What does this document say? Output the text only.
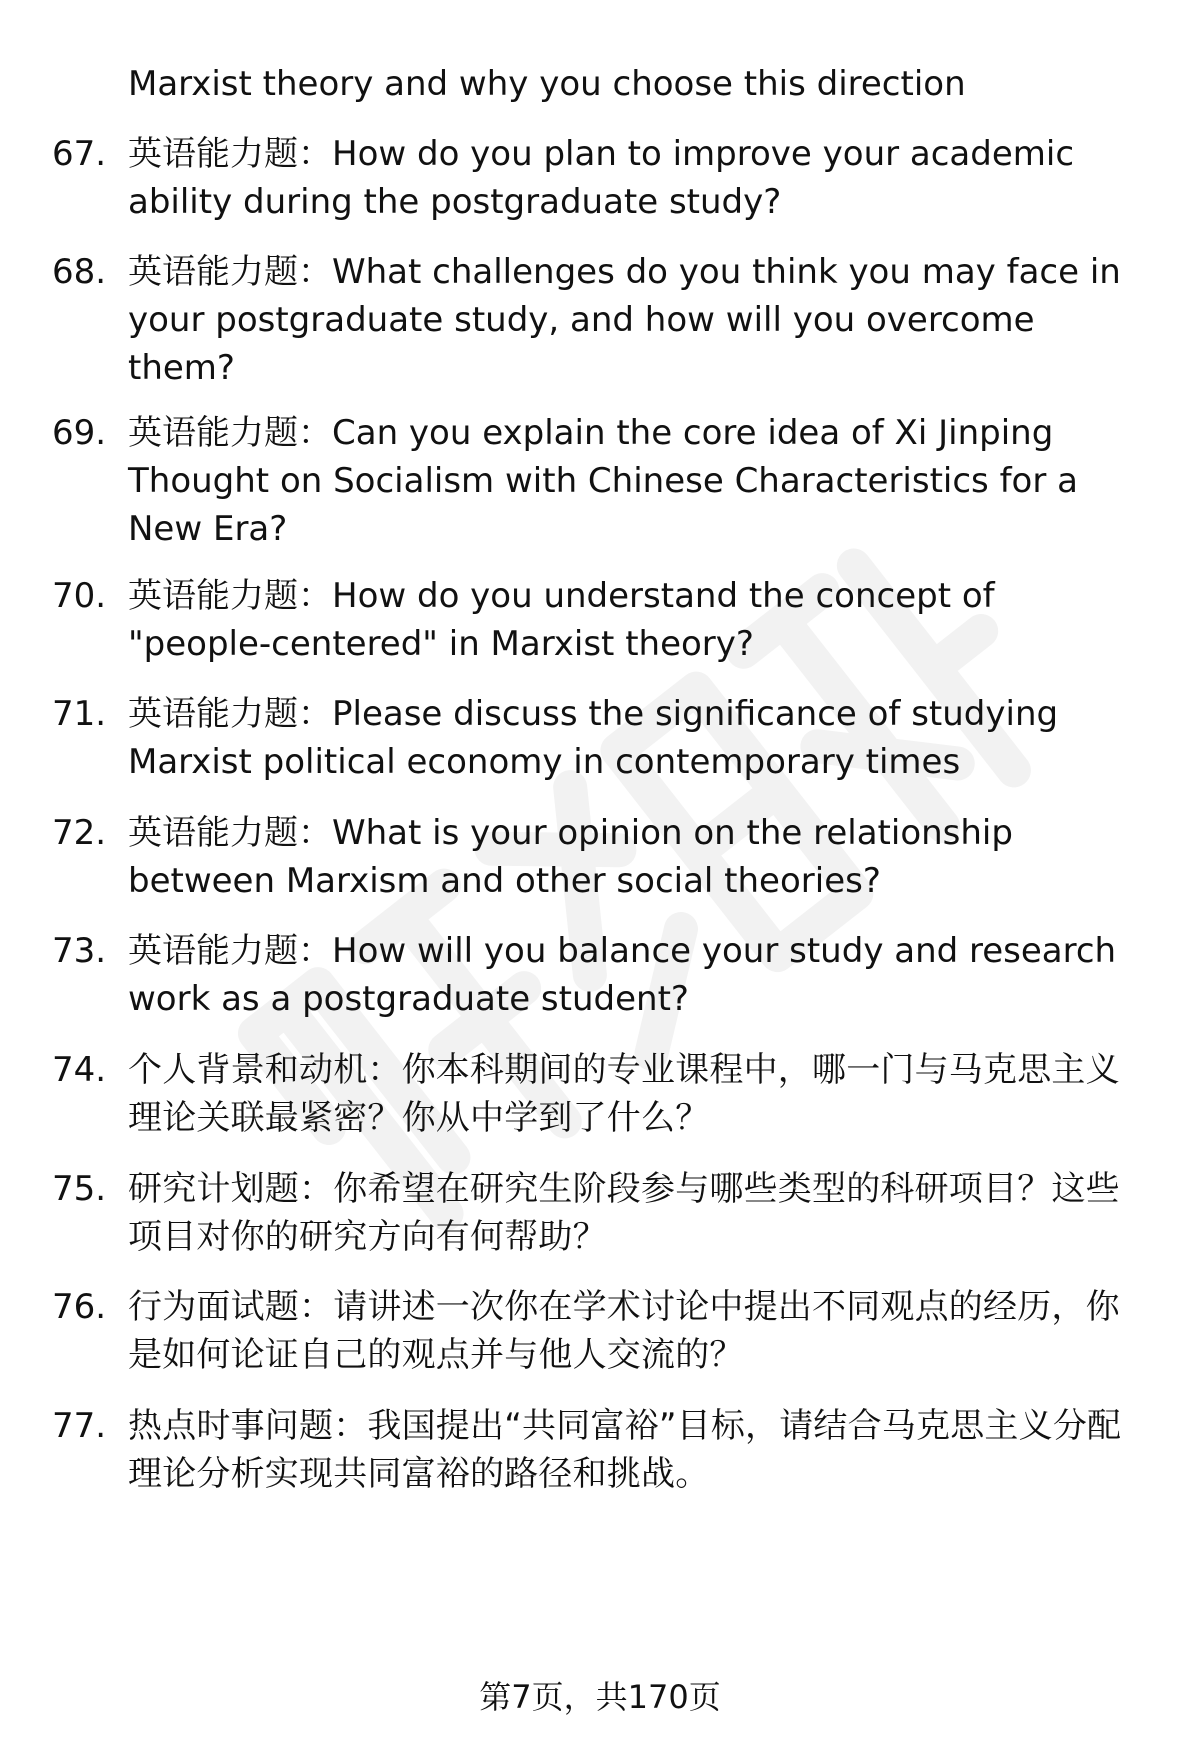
Marxist theory and why you choose this direction
67. 英语能力题：How do you plan to improve your academic ability during the postgraduate study?
68. 英语能力题：What challenges do you think you may face in your postgraduate study, and how will you overcome them?
69. 英语能力题：Can you explain the core idea of Xi Jinping Thought on Socialism with Chinese Characteristics for a New Era?
70. 英语能力题：How do you understand the concept of "people-centered" in Marxist theory?
71. 英语能力题：Please discuss the significance of studying Marxist political economy in contemporary times
72. 英语能力题：What is your opinion on the relationship between Marxism and other social theories?
73. 英语能力题：How will you balance your study and research work as a postgraduate student?
74. 个人背景和动机：你本科期间的专业课程中，哪一门与马克思主义理论关联最紧密？你从中学到了什么？
75. 研究计划题：你希望在研究生阶段参与哪些类型的科研项目？这些项目对你的研究方向有何帮助？
76. 行为面试题：请讲述一次你在学术讨论中提出不同观点的经历，你是如何论证自己的观点并与他人交流的？
77. 热点时事问题：我国提出“共同富裕”目标，请结合马克思主义分配理论分析实现共同富裕的路径和挑战。
第7页，共170页
